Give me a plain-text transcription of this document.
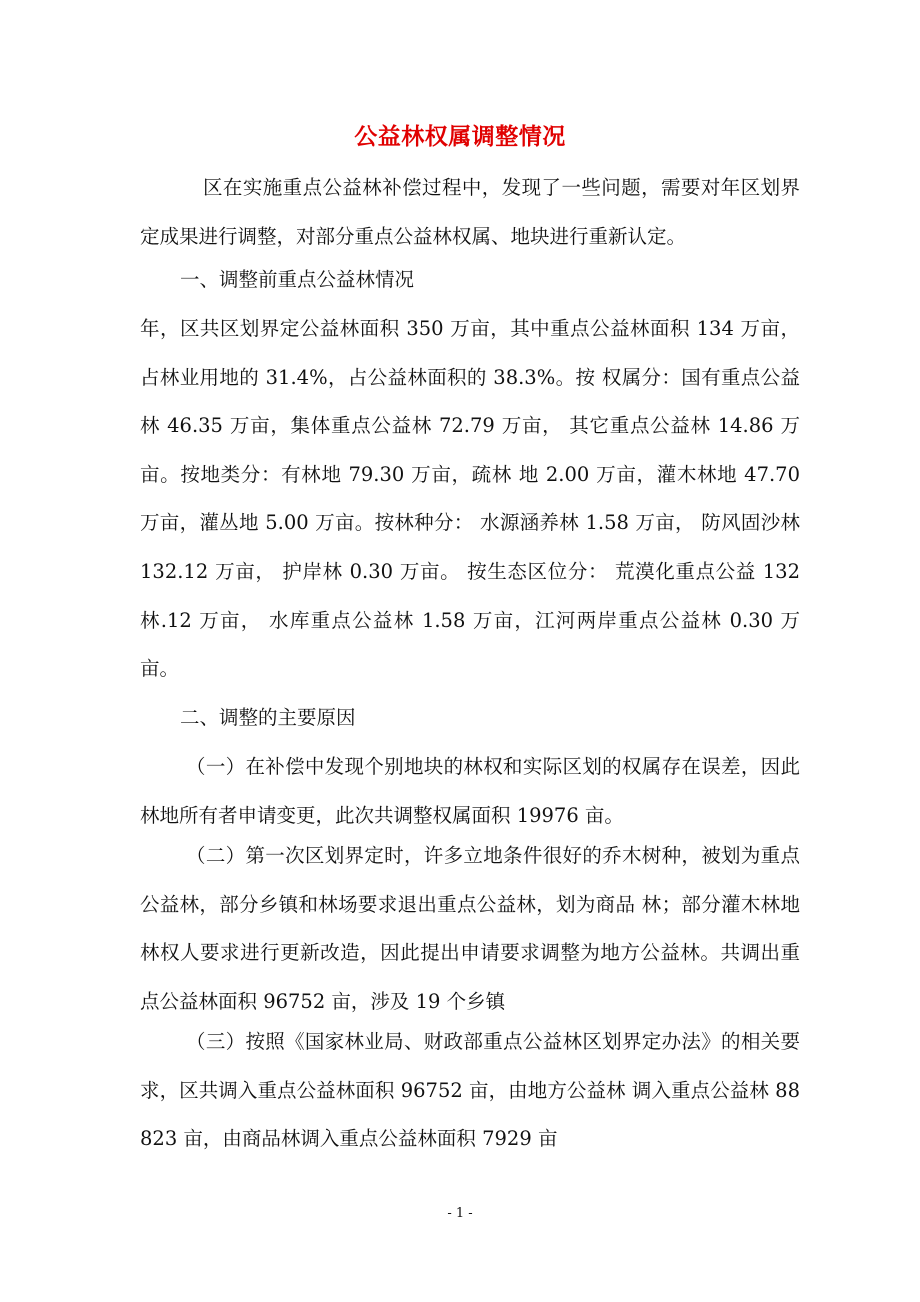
公益林权属调整情况
区在实施重点公益林补偿过程中，发现了一些问题，需要对年区划界定成果进行调整，对部分重点公益林权属、地块进行重新认定。
一、调整前重点公益林情况
年，区共区划界定公益林面积 350 万亩，其中重点公益林面积 134 万亩，占林业用地的 31.4%，占公益林面积的 38.3%。按 权属分：国有重点公益林 46.35 万亩，集体重点公益林 72.79 万亩， 其它重点公益林 14.86 万亩。按地类分：有林地 79.30 万亩，疏林 地 2.00 万亩，灌木林地 47.70 万亩，灌丛地 5.00 万亩。按林种分： 水源涵养林 1.58 万亩， 防风固沙林 132.12 万亩， 护岸林 0.30 万亩。 按生态区位分： 荒漠化重点公益 132 林.12 万亩， 水库重点公益林 1.58 万亩，江河两岸重点公益林 0.30 万亩。
二、调整的主要原因
（一）在补偿中发现个别地块的林权和实际区划的权属存在误差，因此林地所有者申请变更，此次共调整权属面积 19976 亩。
（二）第一次区划界定时，许多立地条件很好的乔木树种，被划为重点公益林，部分乡镇和林场要求退出重点公益林，划为商品 林；部分灌木林地林权人要求进行更新改造，因此提出申请要求调整为地方公益林。共调出重点公益林面积 96752 亩，涉及 19 个乡镇
（三）按照《国家林业局、财政部重点公益林区划界定办法》的相关要求，区共调入重点公益林面积 96752 亩，由地方公益林 调入重点公益林 88823 亩，由商品林调入重点公益林面积 7929 亩
- 1 -
